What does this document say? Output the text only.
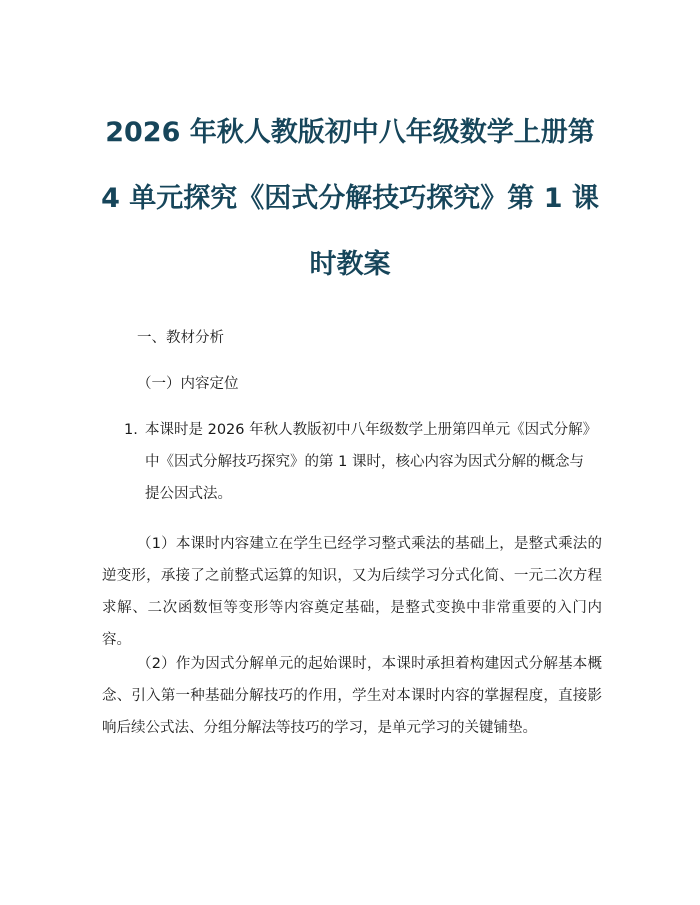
2026 年秋人教版初中八年级数学上册第
4 单元探究《因式分解技巧探究》第 1 课
时教案

一、教材分析

（一）内容定位

1. 本课时是 2026 年秋人教版初中八年级数学上册第四单元《因式分解》中《因式分解技巧探究》的第 1 课时，核心内容为因式分解的概念与提公因式法。

（1）本课时内容建立在学生已经学习整式乘法的基础上，是整式乘法的逆变形，承接了之前整式运算的知识，又为后续学习分式化简、一元二次方程求解、二次函数恒等变形等内容奠定基础，是整式变换中非常重要的入门内容。

（2）作为因式分解单元的起始课时，本课时承担着构建因式分解基本概念、引入第一种基础分解技巧的作用，学生对本课时内容的掌握程度，直接影响后续公式法、分组分解法等技巧的学习，是单元学习的关键铺垫。
